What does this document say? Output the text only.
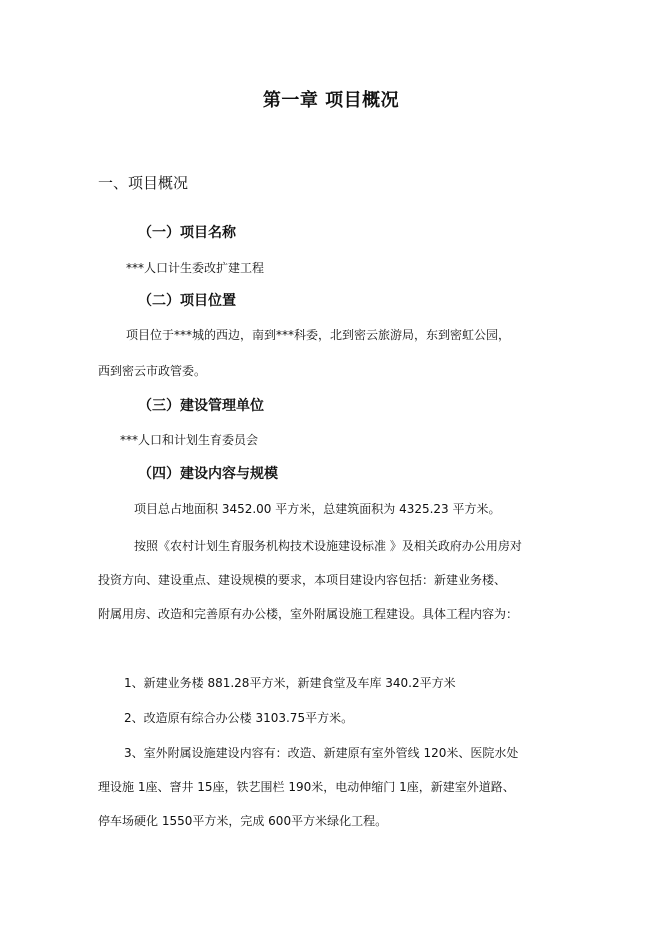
第一章 项目概况
一、项目概况
（一）项目名称
***人口计生委改扩建工程
（二）项目位置
项目位于***城的西边，南到***科委，北到密云旅游局，东到密虹公园，
西到密云市政管委。
（三）建设管理单位
***人口和计划生育委员会
（四）建设内容与规模
项目总占地面积 3452.00 平方米，总建筑面积为 4325.23 平方米。
按照《农村计划生育服务机构技术设施建设标准 》及相关政府办公用房对
投资方向、建设重点、建设规模的要求，本项目建设内容包括：新建业务楼、
附属用房、改造和完善原有办公楼，室外附属设施工程建设。具体工程内容为：
1、新建业务楼 881.28平方米，新建食堂及车库 340.2平方米
2、改造原有综合办公楼 3103.75平方米。
3、室外附属设施建设内容有：改造、新建原有室外管线 120米、医院水处
理设施 1座、窨井 15座，铁艺围栏 190米，电动伸缩门 1座，新建室外道路、
停车场硬化 1550平方米，完成 600平方米绿化工程。
